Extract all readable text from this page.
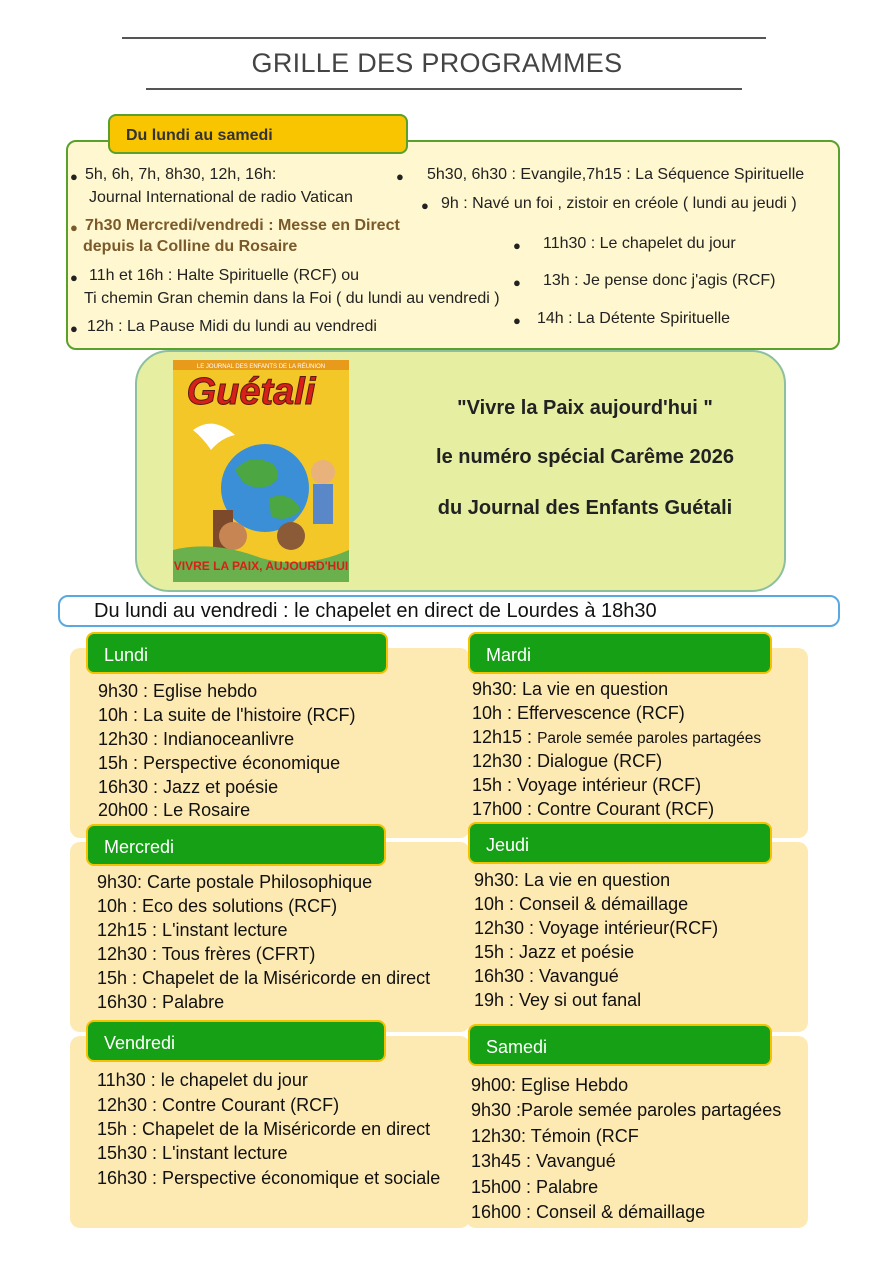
GRILLE DES PROGRAMMES
Du lundi au samedi
● 5h, 6h, 7h, 8h30, 12h, 16h:
Journal International de radio Vatican
● 7h30 Mercredi/vendredi : Messe en Direct
depuis la Colline du Rosaire
● 11h et 16h : Halte Spirituelle (RCF) ou
Ti chemin Gran chemin dans la Foi ( du lundi au vendredi )
● 12h : La Pause Midi du lundi au vendredi
● 5h30, 6h30 : Evangile,7h15 : La Séquence Spirituelle
● 9h : Navé un foi , zistoir en créole ( lundi au jeudi )
● 11h30 : Le chapelet du jour
● 13h : Je pense donc j'agis (RCF)
● 14h : La Détente Spirituelle
LE JOURNAL DES ENFANTS DE LA RÉUNION
Guétali
VIVRE LA PAIX, AUJOURD'HUI
"Vivre la Paix aujourd'hui "
le numéro spécial Carême 2026
du Journal des Enfants Guétali
Du lundi au vendredi : le chapelet en direct de Lourdes à 18h30
Lundi	Mardi
Mercredi	Jeudi
Vendredi	Samedi
9h30 : Eglise hebdo
10h : La suite de l'histoire (RCF)
12h30 : Indianoceanlivre
15h : Perspective économique
16h30 : Jazz et poésie
20h00 : Le Rosaire
9h30: La vie en question
10h : Effervescence (RCF)
12h15 : Parole semée paroles partagées
12h30 : Dialogue (RCF)
15h : Voyage intérieur (RCF)
17h00 : Contre Courant (RCF)
9h30: Carte postale Philosophique
10h : Eco des solutions (RCF)
12h15 : L'instant lecture
12h30 : Tous frères (CFRT)
15h : Chapelet de la Miséricorde en direct
16h30 : Palabre
9h30: La vie en question
10h : Conseil & démaillage
12h30 : Voyage intérieur(RCF)
15h : Jazz et poésie
16h30 : Vavangué
19h : Vey si out fanal
11h30 : le chapelet du jour
12h30 : Contre Courant (RCF)
15h : Chapelet de la Miséricorde en direct
15h30 : L'instant lecture
16h30 : Perspective économique et sociale
9h00: Eglise Hebdo
9h30 :Parole semée paroles partagées
12h30: Témoin (RCF
13h45 : Vavangué
15h00 : Palabre
16h00 : Conseil & démaillage
